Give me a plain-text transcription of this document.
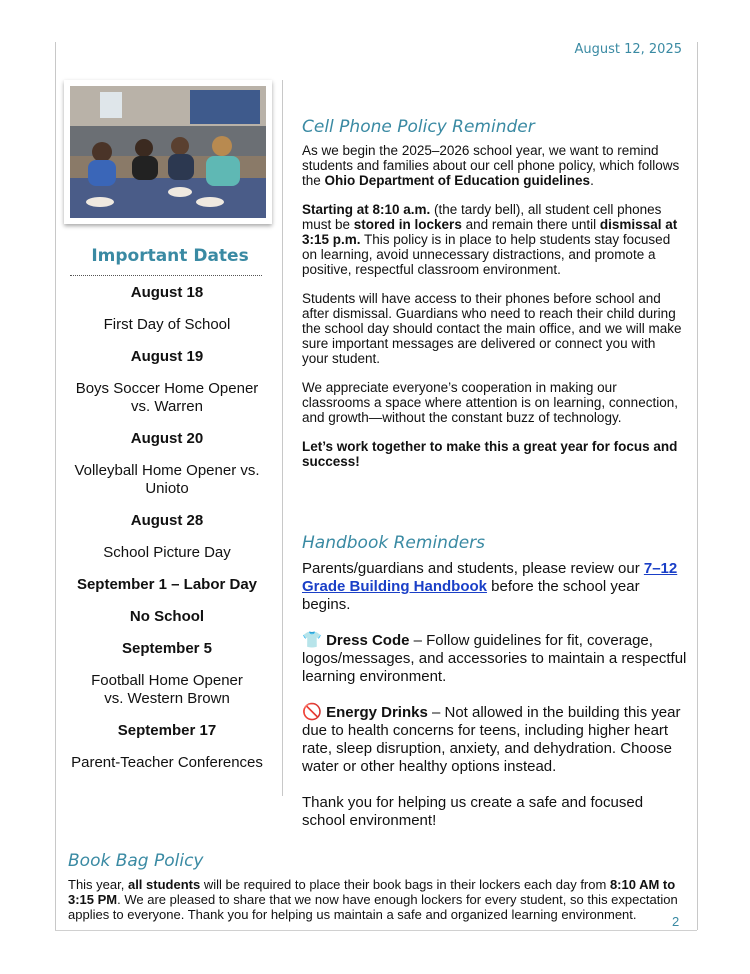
August 12, 2025
Important Dates
August 18
First Day of School
August 19
Boys Soccer Home Opener vs. Warren
August 20
Volleyball Home Opener vs. Unioto
August 28
School Picture Day
September 1 – Labor Day
No School
September 5
Football Home Opener vs. Western Brown
September 17
Parent-Teacher Conferences
Cell Phone Policy Reminder

As we begin the 2025–2026 school year, we want to remind students and families about our cell phone policy, which follows the Ohio Department of Education guidelines.

Starting at 8:10 a.m. (the tardy bell), all student cell phones must be stored in lockers and remain there until dismissal at 3:15 p.m. This policy is in place to help students stay focused on learning, avoid unnecessary distractions, and promote a positive, respectful classroom environment.

Students will have access to their phones before school and after dismissal. Guardians who need to reach their child during the school day should contact the main office, and we will make sure important messages are delivered or connect you with your student.

We appreciate everyone’s cooperation in making our classrooms a space where attention is on learning, connection, and growth—without the constant buzz of technology.

Let’s work together to make this a great year for focus and success!

Handbook Reminders

Parents/guardians and students, please review our 7–12 Grade Building Handbook before the school year begins.

👕 Dress Code – Follow guidelines for fit, coverage, logos/messages, and accessories to maintain a respectful learning environment.

🚫 Energy Drinks – Not allowed in the building this year due to health concerns for teens, including higher heart rate, sleep disruption, anxiety, and dehydration. Choose water or other healthy options instead.

Thank you for helping us create a safe and focused school environment!

Book Bag Policy
This year, all students will be required to place their book bags in their lockers each day from 8:10 AM to 3:15 PM. We are pleased to share that we now have enough lockers for every student, so this expectation applies to everyone. Thank you for helping us maintain a safe and organized learning environment.	2
